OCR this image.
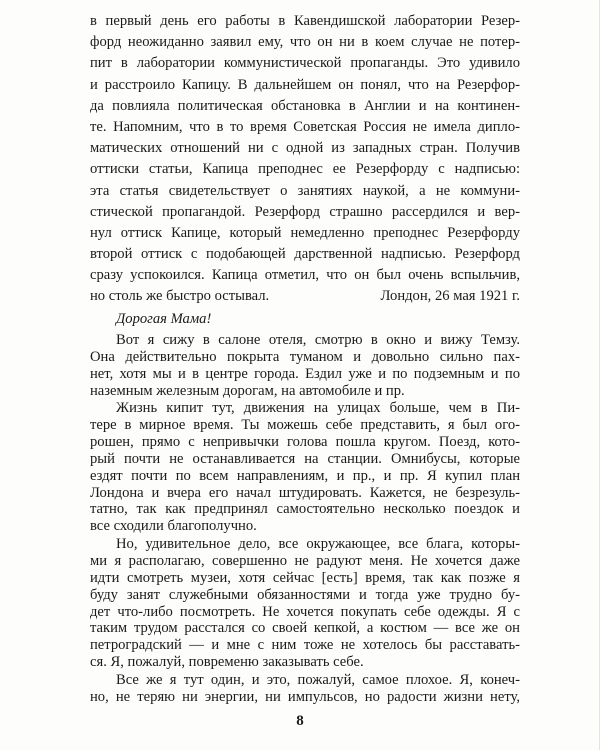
в первый день его работы в Кавендишской лаборатории Резер-
форд неожиданно заявил ему, что он ни в коем случае не потер-
пит в лаборатории коммунистической пропаганды. Это удивило
и расстроило Капицу. В дальнейшем он понял, что на Резерфор-
да повлияла политическая обстановка в Англии и на континен-
те. Напомним, что в то время Советская Россия не имела дипло-
матических отношений ни с одной из западных стран. Получив
оттиски статьи, Капица преподнес ее Резерфорду с надписью:
эта статья свидетельствует о занятиях наукой, а не коммуни-
стической пропагандой. Резерфорд страшно рассердился и вер-
нул оттиск Капице, который немедленно преподнес Резерфорду
второй оттиск с подобающей дарственной надписью. Резерфорд
сразу успокоился. Капица отметил, что он был очень вспыльчив,
но столь же быстро остывал.	Лондон, 26 мая 1921 г.
Дорогая Мама!

Вот я сижу в салоне отеля, смотрю в окно и вижу Темзу.
Она действительно покрыта туманом и довольно сильно пах-
нет, хотя мы и в центре города. Ездил уже и по подземным и по
наземным железным дорогам, на автомобиле и пр.

Жизнь кипит тут, движения на улицах больше, чем в Пи-
тере в мирное время. Ты можешь себе представить, я был ого-
рошен, прямо с непривычки голова пошла кругом. Поезд, кото-
рый почти не останавливается на станции. Омнибусы, которые
ездят почти по всем направлениям, и пр., и пр. Я купил план
Лондона и вчера его начал штудировать. Кажется, не безрезуль-
татно, так как предпринял самостоятельно несколько поездок и
все сходили благополучно.

Но, удивительное дело, все окружающее, все блага, которы-
ми я располагаю, совершенно не радуют меня. Не хочется даже
идти смотреть музеи, хотя сейчас [есть] время, так как позже я
буду занят служебными обязанностями и тогда уже трудно бу-
дет что-либо посмотреть. Не хочется покупать себе одежды. Я с
таким трудом расстался со своей кепкой, а костюм — все же он
петроградский — и мне с ним тоже не хотелось бы расставать-
ся. Я, пожалуй, повременю заказывать себе.

Все же я тут один, и это, пожалуй, самое плохое. Я, конеч-
но, не теряю ни энергии, ни импульсов, но радости жизни нету,

8
